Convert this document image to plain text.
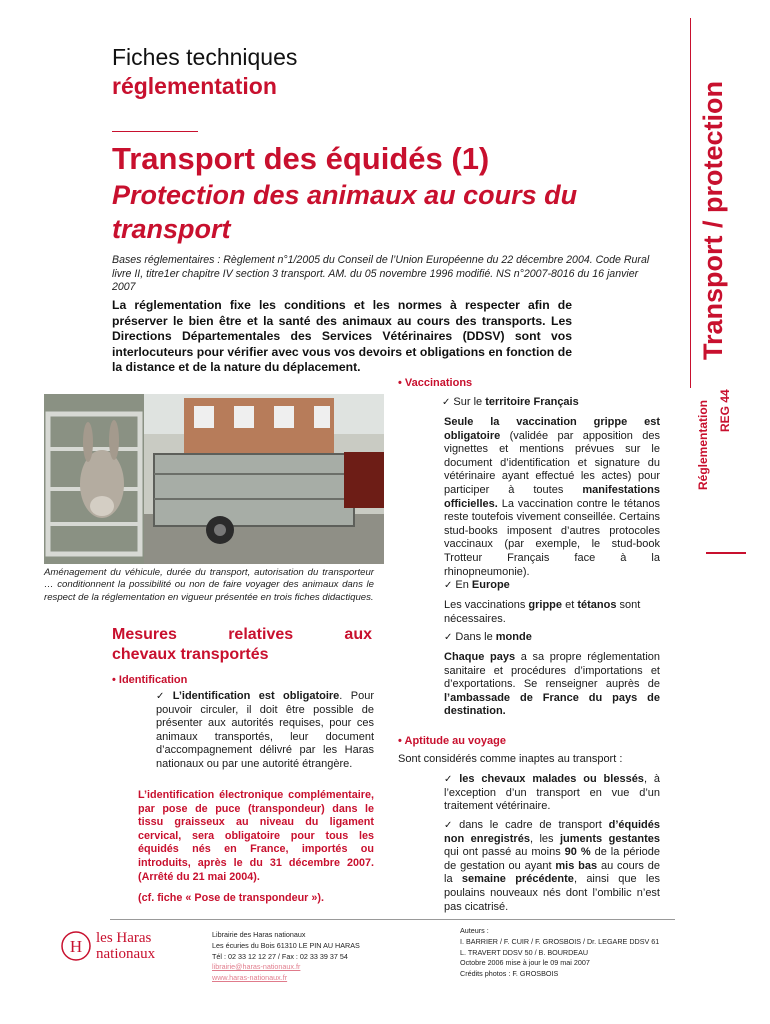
Fiches techniques
réglementation
Transport des équidés (1)
Protection des animaux au cours du transport
Bases réglementaires : Règlement n°1/2005 du Conseil de l’Union Européenne du 22 décembre 2004. Code Rural livre II, titre1er chapitre IV section 3 transport. AM. du 05 novembre 1996 modifié. NS n°2007-8016 du 16 janvier 2007
La réglementation fixe les conditions et les normes à respecter afin de préserver le bien être et la santé des animaux au cours des transports. Les Directions Départementales des Services Vétérinaires (DDSV) sont vos interlocuteurs pour vérifier avec vous vos devoirs et obligations en fonction de la distance et de la nature du déplacement.
Transport / protection
Réglementation REG 44
Aménagement du véhicule, durée du transport, autorisation du transporteur … conditionnent la possibilité ou non de faire voyager des animaux dans le respect de la réglementation en vigueur présentée en trois fiches didactiques.
Mesures	relatives	aux
chevaux transportés
• Identification
✓ L’identification est obligatoire. Pour pouvoir circuler, il doit être possible de présenter aux autorités requises, pour ces animaux transportés, leur document d’accompagnement délivré par les Haras nationaux ou par une autorité étrangère.
L’identification électronique complémentaire, par pose de puce (transpondeur) dans le tissu graisseux au niveau du ligament cervical, sera obligatoire pour tous les équidés nés en France, importés ou introduits, après le du 31 décembre 2007. (Arrêté du 21 mai 2004).
(cf. fiche « Pose de transpondeur »).
• Vaccinations
✓ Sur le territoire Français
Seule la vaccination grippe est obligatoire (validée par apposition des vignettes et mentions prévues sur le document d’identification et signature du vétérinaire ayant effectué les actes) pour participer à toutes manifestations officielles. La vaccination contre le tétanos reste toutefois vivement conseillée. Certains stud-books imposent d’autres protocoles vaccinaux (par exemple, le stud-book Trotteur Français face à la rhinopneumonie).
✓ En Europe
Les vaccinations grippe et tétanos sont nécessaires.
✓ Dans le monde
Chaque pays a sa propre réglementation sanitaire et procédures d’importations et d’exportations. Se renseigner auprès de l’ambassade de France du pays de destination.
• Aptitude au voyage
Sont considérés comme inaptes au transport :
✓ les chevaux malades ou blessés, à l’exception d’un transport en vue d’un traitement vétérinaire.
✓ dans le cadre de transport d’équidés non enregistrés, les juments gestantes qui ont passé au moins 90 % de la période de gestation ou ayant mis bas au cours de la semaine précédente, ainsi que les poulains nouveaux nés dont l’ombilic n’est pas cicatrisé.
H les Haras
nationaux
Librairie des Haras nationaux
Les écuries du Bois 61310 LE PIN AU HARAS
Tél : 02 33 12 12 27 / Fax : 02 33 39 37 54
librairie@haras-nationaux.fr
www.haras-nationaux.fr
Auteurs :
I. BARRIER / F. CUIR / F. GROSBOIS / Dr. LEGARE DDSV 61
L. TRAVERT DDSV 50 / B. BOURDEAU
Octobre 2006 mise à jour le 09 mai 2007
Crédits photos : F. GROSBOIS
